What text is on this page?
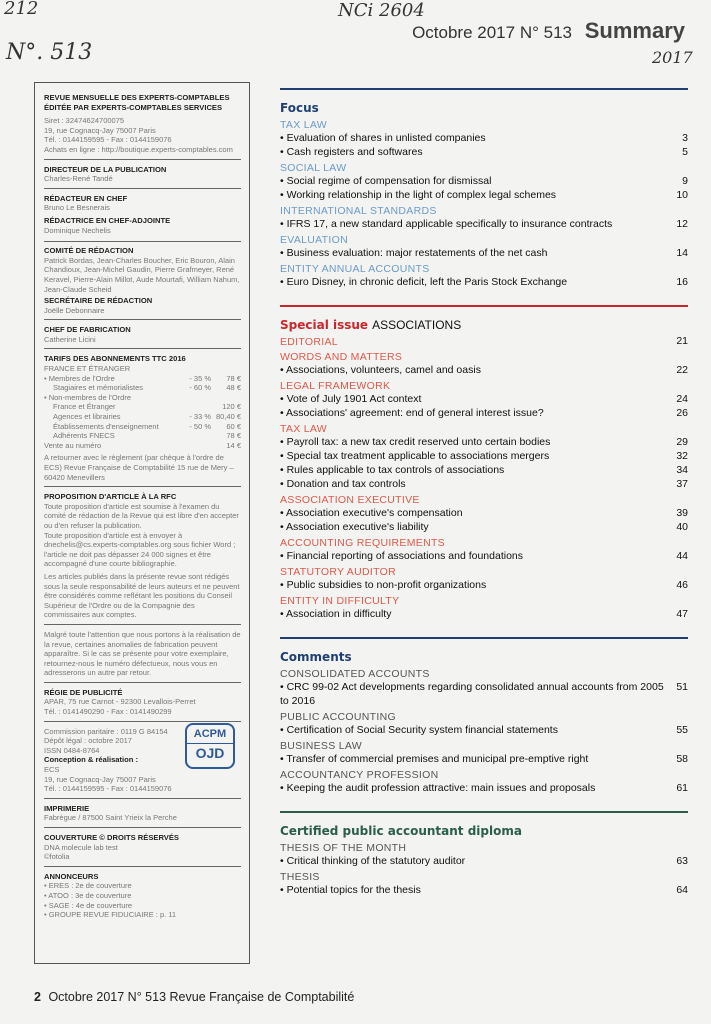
212	NCi 2604
N°. 513	2017
Octobre 2017 N° 513 Summary

REVUE MENSUELLE DES EXPERTS-COMPTABLES ÉDITÉE PAR EXPERTS-COMPTABLES SERVICES

Siret : 32474624700075

19, rue Cognacq-Jay 75007 Paris

Tél. : 0144159595 - Fax : 0144159076

Achats en ligne : http://boutique.experts-comptables.com

DIRECTEUR DE LA PUBLICATION

Charles-René Tandé

RÉDACTEUR EN CHEF

Bruno Le Besnerais

RÉDACTRICE EN CHEF-ADJOINTE

Dominique Nechelis

COMITÉ DE RÉDACTION

Patrick Bordas, Jean-Charles Boucher, Eric Bouron, Alain Chandioux, Jean-Michel Gaudin, Pierre Grafmeyer, René Keravel, Pierre-Alain Millot, Aude Mourtafi, William Nahum, Jean-Claude Scheid

SECRÉTAIRE DE RÉDACTION

Joëlle Debonnaire

CHEF DE FABRICATION

Catherine Licini

TARIFS DES ABONNEMENTS TTC 2016

FRANCE ET ÉTRANGER

• Membres de l'Ordre	- 35 %	78 €
Stagiaires et mémorialistes	- 60 %	48 €
• Non-membres de l'Ordre
France et Étranger	120 €
Agences et librairies	- 33 % 80,40 €
Établissements d'enseignement	- 50 %	60 €
Adhérents FNECS	78 €
Vente au numéro	14 €

A retourner avec le règlement (par chèque à l'ordre de ECS) Revue Française de Comptabilité 15 rue de Mery – 60420 Menevillers

PROPOSITION D'ARTICLE À LA RFC

Toute proposition d'article est soumise à l'examen du comité de rédaction de la Revue qui est libre d'en accepter ou d'en refuser la publication.

Toute proposition d'article est à envoyer à dnechelis@cs.experts-comptables.org sous fichier Word ; l'article ne doit pas dépasser 24 000 signes et être accompagné d'une courte bibliographie.

Les articles publiés dans la présente revue sont rédigés sous la seule responsabilité de leurs auteurs et ne peuvent être considérés comme reflétant les positions du Conseil Supérieur de l'Ordre ou de la Compagnie des commissaires aux comptes.

Malgré toute l'attention que nous portons à la réalisation de la revue, certaines anomalies de fabrication peuvent apparaître. Si le cas se présente pour votre exemplaire, retournez-nous le numéro défectueux, nous vous en adresserons un autre par retour.

RÉGIE DE PUBLICITÉ

APAR, 75 rue Carnot - 92300 Levallois-Perret

Tél. : 0141490290 - Fax : 0141490299

ACPM
OJD

Commission paritaire : 0119 G 84154

Dépôt légal : octobre 2017

ISSN 0484-8764

Conception & réalisation :

ECS

19, rue Cognacq-Jay 75007 Paris

Tél. : 0144159595 - Fax : 0144159076

IMPRIMERIE

Fabrègue / 87500 Saint Yrieix la Perche

COUVERTURE © DROITS RÉSERVÉS

DNA molecule lab test

©fotolia

ANNONCEURS

• ERES : 2e de couverture

• ATOO : 3e de couverture

• SAGE : 4e de couverture

• GROUPE REVUE FIDUCIAIRE : p. 11

Focus
TAX LAW
• Evaluation of shares in unlisted companies	3
• Cash registers and softwares	5
SOCIAL LAW
• Social regime of compensation for dismissal	9
• Working relationship in the light of complex legal schemes	10
INTERNATIONAL STANDARDS
• IFRS 17, a new standard applicable specifically to insurance contracts	12
EVALUATION
• Business evaluation: major restatements of the net cash	14
ENTITY ANNUAL ACCOUNTS
• Euro Disney, in chronic deficit, left the Paris Stock Exchange	16
Special issue ASSOCIATIONS
EDITORIAL	21
WORDS AND MATTERS
• Associations, volunteers, camel and oasis	22
LEGAL FRAMEWORK
• Vote of July 1901 Act context	24
• Associations' agreement: end of general interest issue?	26
TAX LAW
• Payroll tax: a new tax credit reserved unto certain bodies	29
• Special tax treatment applicable to associations mergers	32
• Rules applicable to tax controls of associations	34
• Donation and tax controls	37
ASSOCIATION EXECUTIVE
• Association executive's compensation	39
• Association executive's liability	40
ACCOUNTING REQUIREMENTS
• Financial reporting of associations and foundations	44
STATUTORY AUDITOR
• Public subsidies to non-profit organizations	46
ENTITY IN DIFFICULTY
• Association in difficulty	47
Comments
CONSOLIDATED ACCOUNTS
• CRC 99-02 Act developments regarding consolidated annual accounts from 2005 to 2016
51
PUBLIC ACCOUNTING
• Certification of Social Security system financial statements	55
BUSINESS LAW
• Transfer of commercial premises and municipal pre-emptive right	58
ACCOUNTANCY PROFESSION
• Keeping the audit profession attractive: main issues and proposals	61
Certified public accountant diploma
THESIS OF THE MONTH
• Critical thinking of the statutory auditor	63
THESIS
• Potential topics for the thesis	64
2 Octobre 2017 N° 513 Revue Française de Comptabilité
